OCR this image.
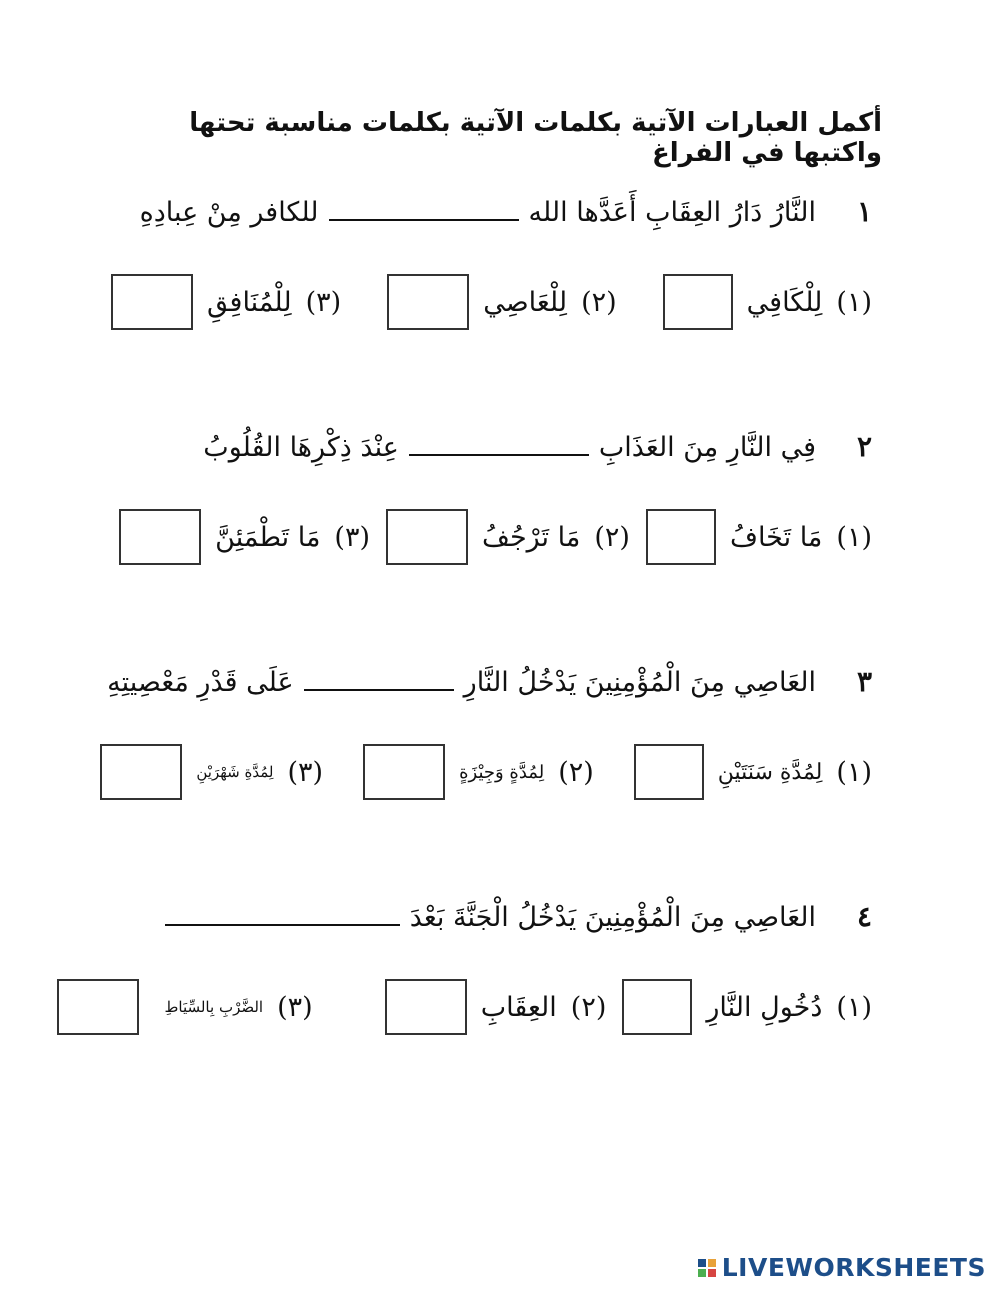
أكمل العبارات الآتية بكلمات الآتية بكلمات مناسبة تحتها واكتبها في الفراغ
١
النَّارُ دَارُ العِقَابِ أَعَدَّها الله
للكافر مِنْ عِبادِهِ
(١)
لِلْكَافِي
(٢)
لِلْعَاصِي
(٣)
لِلْمُنَافِقِ
٢
فِي النَّارِ مِنَ العَذَابِ
عِنْدَ ذِكْرِهَا القُلُوبُ
(١)
مَا تَخَافُ
(٢)
مَا تَرْجُفُ
(٣)
مَا تَطْمَئِنَّ
٣
العَاصِي مِنَ الْمُؤْمِنِينَ يَدْخُلُ النَّارِ
عَلَى قَدْرِ مَعْصِيتِهِ
(١)
لِمُدَّةِ سَنَتَيْنِ
(٢)
لِمُدَّةٍ وَجِيْزَةٍ
(٣)
لِمُدَّةِ شَهْرَيْنِ
٤
العَاصِي مِنَ الْمُؤْمِنِينَ يَدْخُلُ الْجَنَّةَ بَعْدَ
(١)
دُخُولِ النَّارِ
(٢)
العِقَابِ
(٣)
الضَّرْبِ بِالسِّيَاطِ
LIVEWORKSHEETS
